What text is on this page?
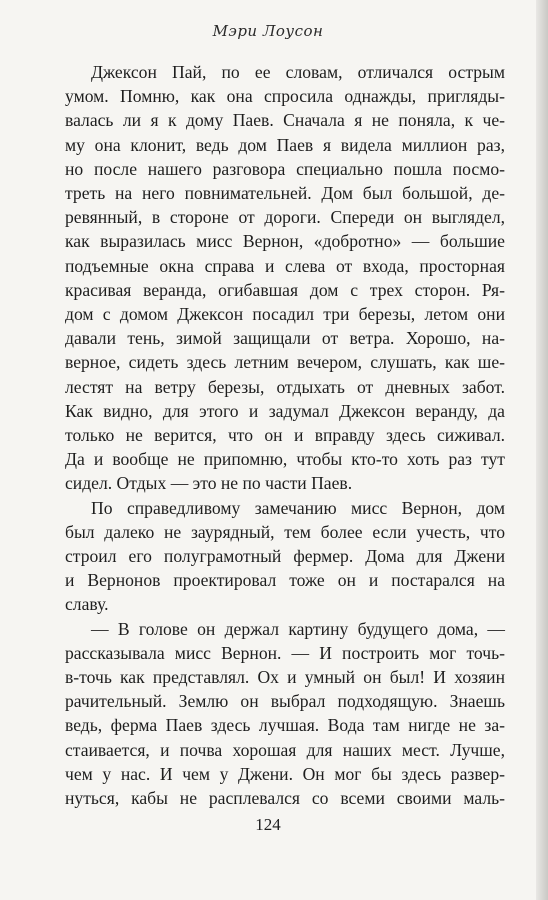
Мэри Лоусон
Джексон Пай, по ее словам, отличался острым
умом. Помню, как она спросила однажды, пригляды-
валась ли я к дому Паев. Сначала я не поняла, к че-
му она клонит, ведь дом Паев я видела миллион раз,
но после нашего разговора специально пошла посмо-
треть на него повнимательней. Дом был большой, де-
ревянный, в стороне от дороги. Спереди он выглядел,
как выразилась мисс Вернон, «добротно» — большие
подъемные окна справа и слева от входа, просторная
красивая веранда, огибавшая дом с трех сторон. Ря-
дом с домом Джексон посадил три березы, летом они
давали тень, зимой защищали от ветра. Хорошо, на-
верное, сидеть здесь летним вечером, слушать, как ше-
лестят на ветру березы, отдыхать от дневных забот.
Как видно, для этого и задумал Джексон веранду, да
только не верится, что он и вправду здесь сиживал.
Да и вообще не припомню, чтобы кто-то хоть раз тут
сидел. Отдых — это не по части Паев.
По справедливому замечанию мисс Вернон, дом
был далеко не заурядный, тем более если учесть, что
строил его полуграмотный фермер. Дома для Джени
и Вернонов проектировал тоже он и постарался на
славу.
— В голове он держал картину будущего дома, —
рассказывала мисс Вернон. — И построить мог точь-
в-точь как представлял. Ох и умный он был! И хозяин
рачительный. Землю он выбрал подходящую. Знаешь
ведь, ферма Паев здесь лучшая. Вода там нигде не за-
стаивается, и почва хорошая для наших мест. Лучше,
чем у нас. И чем у Джени. Он мог бы здесь развер-
нуться, кабы не расплевался со всеми своими маль-
124
